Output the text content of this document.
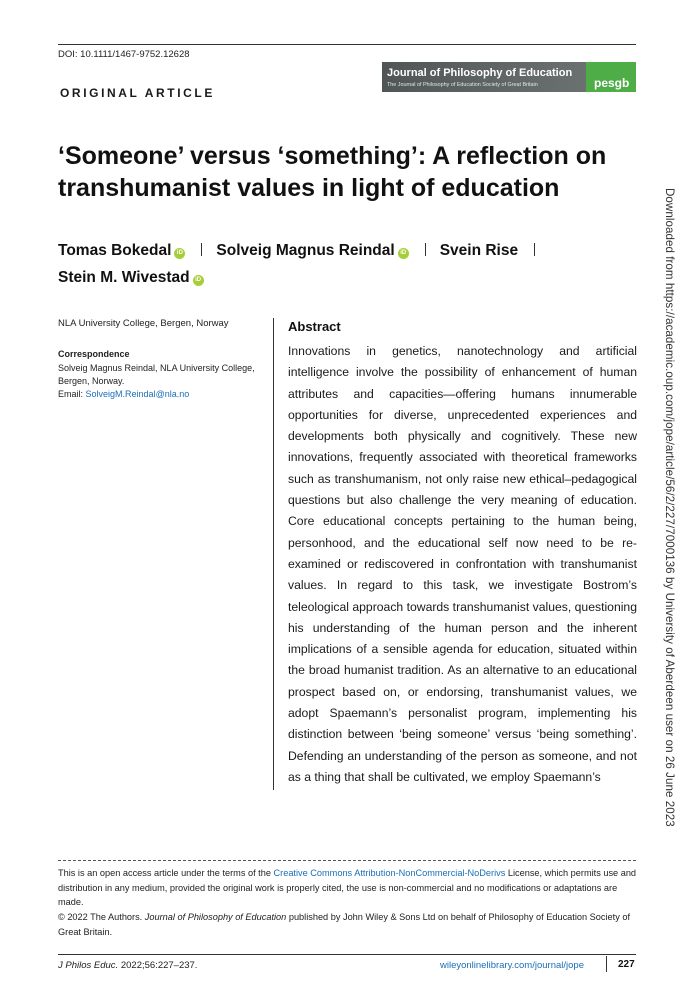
DOI: 10.1111/1467-9752.12628
ORIGINAL ARTICLE
Journal of Philosophy of Education
The Journal of Philosophy of Education Society of Great Britain	pesgb
‘Someone’ versus ‘something’: A reflection on transhumanist values in light of education
Tomas Bokedal iD Solveig Magnus Reindal iD Svein Rise
Stein M. Wivestad iD
NLA University College, Bergen, Norway
Correspondence
Solveig Magnus Reindal, NLA University College, Bergen, Norway.
Email: SolveigM.Reindal@nla.no
Abstract

Innovations in genetics, nanotechnology and artificial intelligence involve the possibility of enhancement of human attributes and capacities—offering humans innumerable opportunities for diverse, unprecedented experiences and developments both physically and cognitively. These new innovations, frequently associated with theoretical frameworks such as transhumanism, not only raise new ethical–pedagogical questions but also challenge the very meaning of education. Core educational concepts pertaining to the human being, personhood, and the educational self now need to be re-examined or rediscovered in confrontation with transhumanist values. In regard to this task, we investigate Bostrom’s teleological approach towards transhumanist values, questioning his understanding of the human person and the inherent implications of a sensible agenda for education, situated within the broad humanist tradition. As an alternative to an educational prospect based on, or endorsing, transhumanist values, we adopt Spaemann’s personalist program, implementing his distinction between ‘being someone’ versus ‘being something’. Defending an understanding of the person as someone, and not as a thing that shall be cultivated, we employ Spaemann’s

This is an open access article under the terms of the Creative Commons Attribution-NonCommercial-NoDerivs License, which permits use and distribution in any medium, provided the original work is properly cited, the use is non-commercial and no modifications or adaptations are made.

© 2022 The Authors. Journal of Philosophy of Education published by John Wiley & Sons Ltd on behalf of Philosophy of Education Society of Great Britain.

J Philos Educ. 2022;56:227–237.	wileyonlinelibrary.com/journal/jope	227
Downloaded from https://academic.oup.com/jope/article/56/2/227/7000136 by University of Aberdeen user on 26 June 2023
